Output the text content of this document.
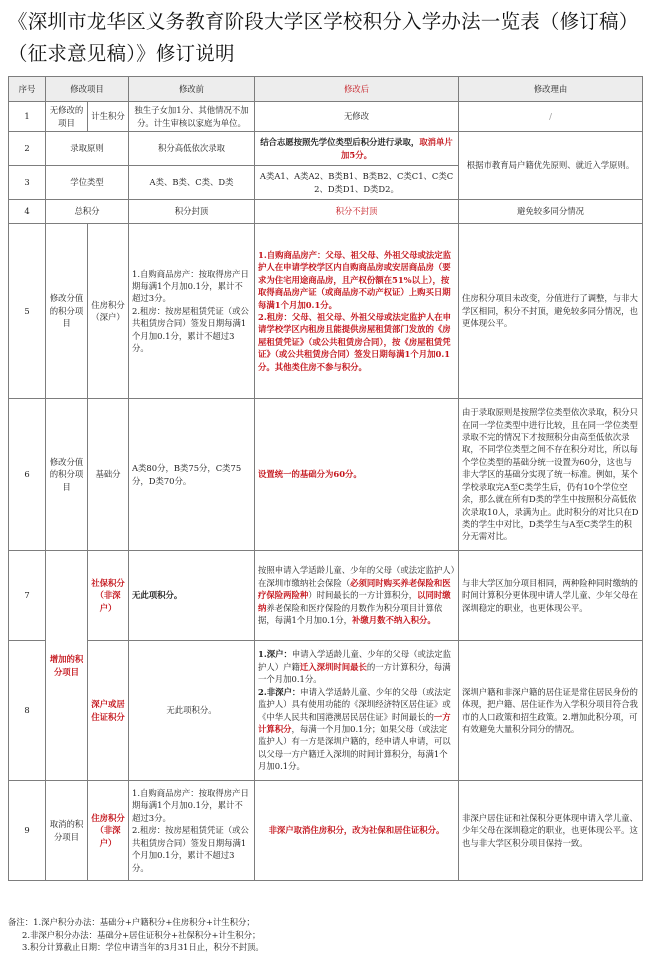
《深圳市龙华区义务教育阶段大学区学校积分入学办法一览表（修订稿）（征求意见稿）》修订说明
序号	修改项目		修改前	修改后	修改理由
1	无修改的项目	计生积分	独生子女加1分、其他情况不加分。计生审核以家庭为单位。	无修改	/
2	录取原则		积分高低依次录取	结合志愿按照先学位类型后积分进行录取，取消单片加5分。	根据市教育局户籍优先原则、就近入学原则。
3	学位类型		A类、B类、C类、D类	A类A1、A类A2、B类B1、B类B2、C类C1、C类C2、D类D1、D类D2。	
4	总积分		积分封顶	积分不封顶	避免较多同分情况
5	修改分值的积分项目	住房积分（深户）	1.自购商品房产：按取得房产日期每满1个月加0.1分，累计不超过3分。
2.租房：按房屋租赁凭证（或公共租赁房合同）签发日期每满1个月加0.1分，累计不超过3分。	1.自购商品房产：父母、祖父母、外祖父母或法定监护人在申请学校学区内自购商品房或安居商品房（要求为住宅用途商品房，且产权份额在51%以上），按取得商品房产证（或商品房不动产权证）上购买日期每满1个月加0.1分。
2.租房：父母、祖父母、外祖父母或法定监护人在申请学校学区内租房且能提供房屋租赁部门发放的《房屋租赁凭证》（或公共租赁房合同），按《房屋租赁凭证》（或公共租赁房合同）签发日期每满1个月加0.1分。其他类住房不参与积分。	住房积分项目未改变，分值进行了调整，与非大学区相同，积分不封顶，避免较多同分情况，也更体现公平。
6	修改分值的积分项目	基础分	A类80分，B类75分，C类75分，D类70分。	设置统一的基础分为60分。	由于录取原则是按照学位类型依次录取，积分只在同一学位类型中进行比较，且在同一学位类型录取不完的情况下才按照积分由高至低依次录取，不同学位类型之间不存在积分对比，所以每个学位类型的基础分统一设置为60分，这也与非大学区的基础分实现了统一标准。例如，某个学校录取完A至C类学生后，仍有10个学位空余，那么就在所有D类的学生中按照积分高低依次录取10人，录满为止。此时积分的对比只在D类的学生中对比，D类学生与A至C类学生的积分无需对比。
7	增加的积分项目	社保积分（非深户）	无此项积分。	按照申请入学适龄儿童、少年的父母（或法定监护人）在深圳市缴纳社会保险（必须同时购买养老保险和医疗保险两险种）时间最长的一方计算积分，以同时缴纳养老保险和医疗保险的月数作为积分项目计算依据，每满1个月加0.1分，补缴月数不纳入积分。	与非大学区加分项目相同，两种险种同时缴纳的时间计算积分更体现申请人学儿童、少年父母在深圳稳定的职业，也更体现公平。
8		深户或居住证积分	无此项积分。	1.深户：申请入学适龄儿童、少年的父母（或法定监护人）户籍迁入深圳时间最长的一方计算积分，每满一个月加0.1分。
2.非深户：申请入学适龄儿童、少年的父母（或法定监护人）具有使用功能的《深圳经济特区居住证》或《中华人民共和国港澳居民居住证》时间最长的一方计算积分，每满一个月加0.1分；如果父母（或法定监护人）有一方是深圳户籍的，经申请人申请，可以以父母一方户籍迁入深圳的时间计算积分，每满1个月加0.1分。	深圳户籍和非深户籍的居住证是常住居民身份的体现，把户籍、居住证作为入学积分项目符合我市的人口政策和招生政策。2.增加此积分项，可有效避免大量积分同分的情况。
9	取消的积分项目	住房积分（非深户）	1.自购商品房产：按取得房产日期每满1个月加0.1分，累计不超过3分。
2.租房：按房屋租赁凭证（或公共租赁房合同）签发日期每满1个月加0.1分，累计不超过3分。	非深户取消住房积分，改为社保和居住证积分。	非深户居住证和社保积分更体现申请入学儿童、少年父母在深圳稳定的职业，也更体现公平。这也与非大学区积分项目保持一致。
备注：1.深户积分办法：基础分+户籍积分+住房积分+计生积分；
2.非深户积分办法：基础分+居住证积分+社保积分+计生积分；
3.积分计算截止日期：学位申请当年的3月31日止，积分不封顶。
